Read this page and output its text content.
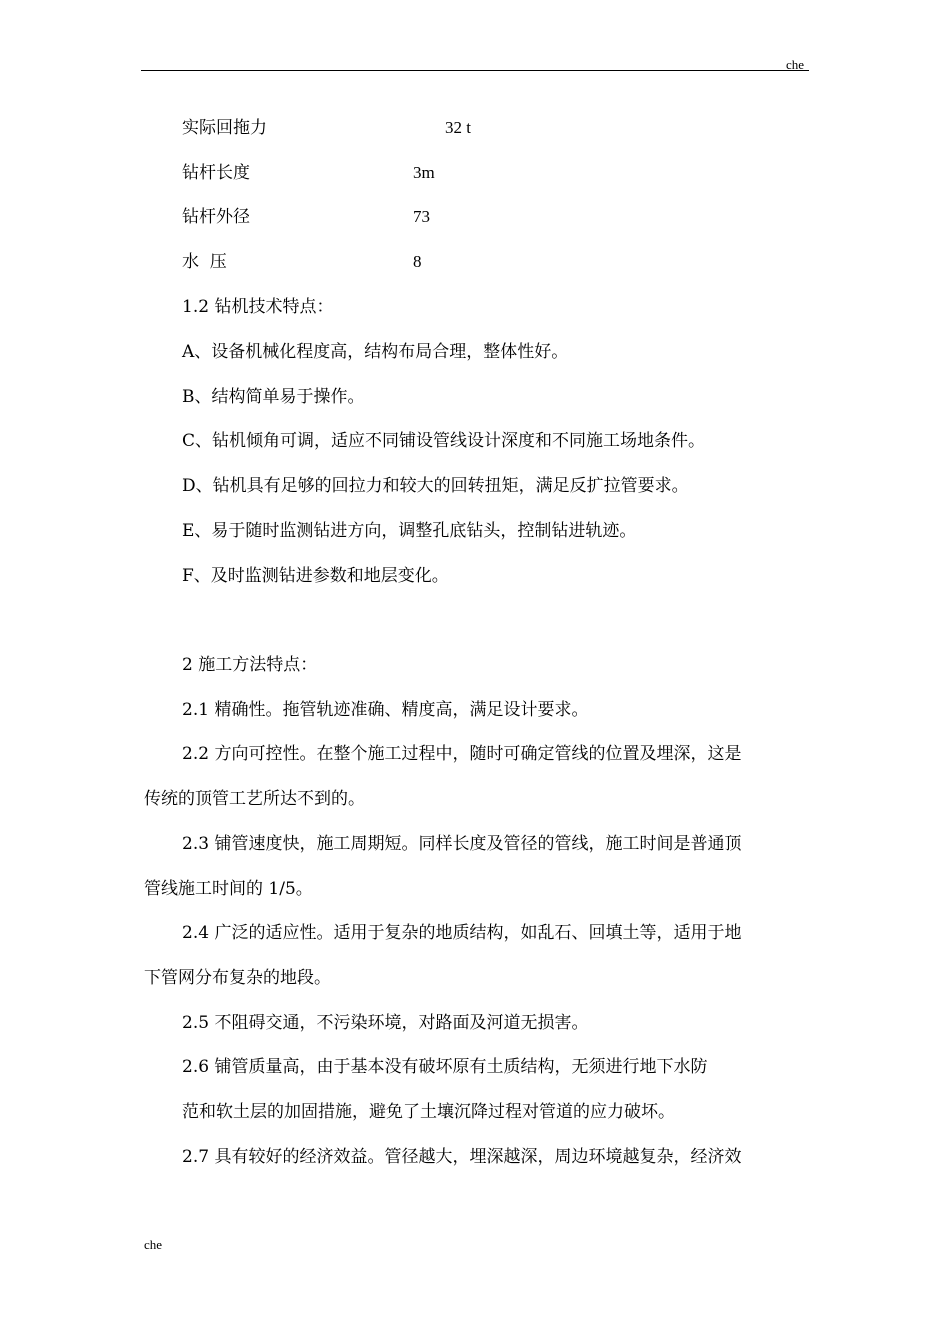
che
实际回拖力	32 t
钻杆长度	3m
钻杆外径	73
水  压	8
1.2 钻机技术特点：
A、设备机械化程度高，结构布局合理，整体性好。
B、结构简单易于操作。
C、钻机倾角可调，适应不同铺设管线设计深度和不同施工场地条件。
D、钻机具有足够的回拉力和较大的回转扭矩，满足反扩拉管要求。
E、易于随时监测钻进方向，调整孔底钻头，控制钻进轨迹。
F、及时监测钻进参数和地层变化。
2 施工方法特点：
2.1 精确性。拖管轨迹准确、精度高，满足设计要求。
2.2 方向可控性。在整个施工过程中，随时可确定管线的位置及埋深，这是
传统的顶管工艺所达不到的。
2.3 铺管速度快，施工周期短。同样长度及管径的管线，施工时间是普通顶
管线施工时间的 1/5。
2.4 广泛的适应性。适用于复杂的地质结构，如乱石、回填土等，适用于地
下管网分布复杂的地段。
2.5 不阻碍交通，不污染环境，对路面及河道无损害。
2.6 铺管质量高，由于基本没有破坏原有土质结构，无须进行地下水防
范和软土层的加固措施，避免了土壤沉降过程对管道的应力破坏。
2.7 具有较好的经济效益。管径越大，埋深越深，周边环境越复杂，经济效
che
